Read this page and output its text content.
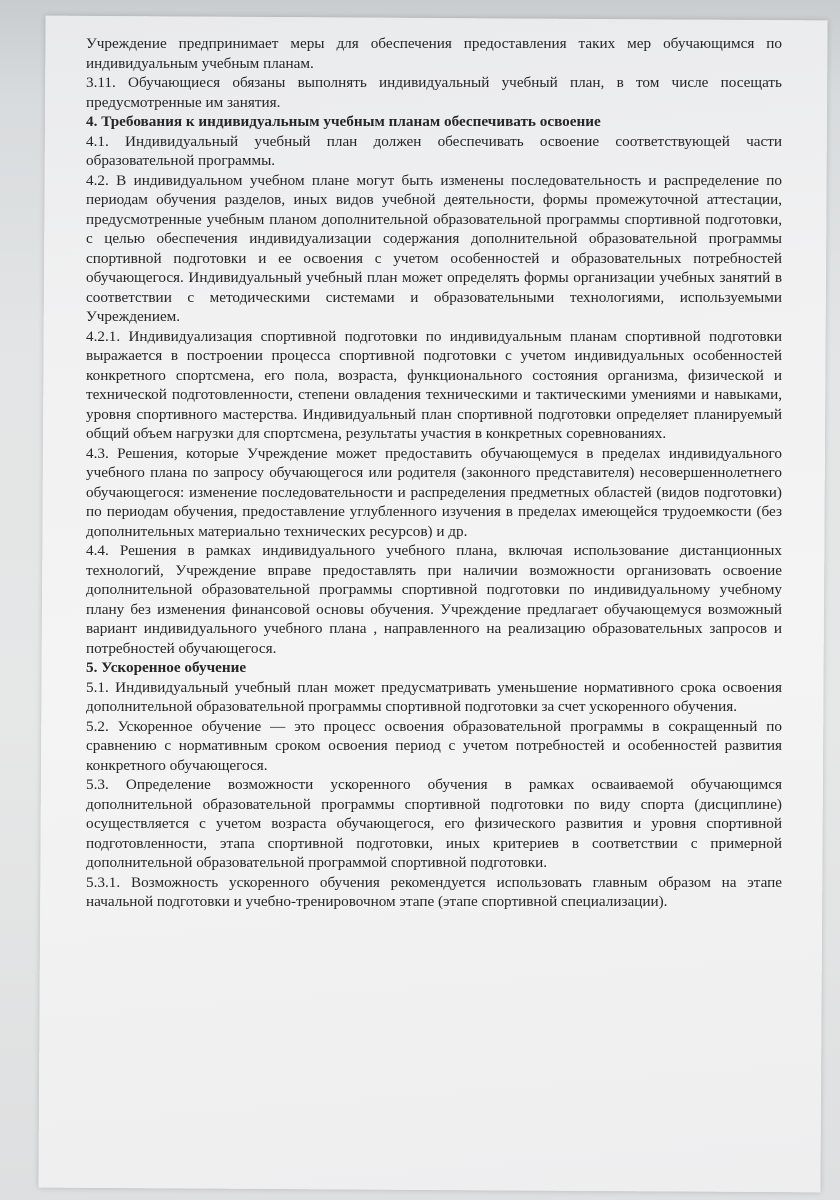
Учреждение предпринимает меры для обеспечения предоставления таких мер обучающимся по индивидуальным учебным планам.

3.11. Обучающиеся обязаны выполнять индивидуальный учебный план, в том числе посещать предусмотренные им занятия.

4. Требования к индивидуальным учебным планам обеспечивать освоение

4.1. Индивидуальный учебный план должен обеспечивать освоение соответствующей части образовательной программы.

4.2. В индивидуальном учебном плане могут быть изменены последовательность и распределение по периодам обучения разделов, иных видов учебной деятельности, формы промежуточной аттестации, предусмотренные учебным планом дополнительной образовательной программы спортивной подготовки, с целью обеспечения индивидуализации содержания дополнительной образовательной программы спортивной подготовки и ее освоения с учетом особенностей и образовательных потребностей обучающегося. Индивидуальный учебный план может определять формы организации учебных занятий в соответствии с методическими системами и образовательными технологиями, используемыми Учреждением.

4.2.1. Индивидуализация спортивной подготовки по индивидуальным планам спортивной подготовки выражается в построении процесса спортивной подготовки с учетом индивидуальных особенностей конкретного спортсмена, его пола, возраста, функционального состояния организма, физической и технической подготовленности, степени овладения техническими и тактическими умениями и навыками, уровня спортивного мастерства. Индивидуальный план спортивной подготовки определяет планируемый общий объем нагрузки для спортсмена, результаты участия в конкретных соревнованиях.

4.3. Решения, которые Учреждение может предоставить обучающемуся в пределах индивидуального учебного плана по запросу обучающегося или родителя (законного представителя) несовершеннолетнего обучающегося: изменение последовательности и распределения предметных областей (видов подготовки) по периодам обучения, предоставление углубленного изучения в пределах имеющейся трудоемкости (без дополнительных материально технических ресурсов) и др.

4.4. Решения в рамках индивидуального учебного плана, включая использование дистанционных технологий, Учреждение вправе предоставлять при наличии возможности организовать освоение дополнительной образовательной программы спортивной подготовки по индивидуальному учебному плану без изменения финансовой основы обучения. Учреждение предлагает обучающемуся возможный вариант индивидуального учебного плана , направленного на реализацию образовательных запросов и потребностей обучающегося.

5. Ускоренное обучение

5.1. Индивидуальный учебный план может предусматривать уменьшение нормативного срока освоения дополнительной образовательной программы спортивной подготовки за счет ускоренного обучения.

5.2. Ускоренное обучение — это процесс освоения образовательной программы в сокращенный по сравнению с нормативным сроком освоения период с учетом потребностей и особенностей развития конкретного обучающегося.

5.3. Определение возможности ускоренного обучения в рамках осваиваемой обучающимся дополнительной образовательной программы спортивной подготовки по виду спорта (дисциплине) осуществляется с учетом возраста обучающегося, его физического развития и уровня спортивной подготовленности, этапа спортивной подготовки, иных критериев в соответствии с примерной дополнительной образовательной программой спортивной подготовки.

5.3.1. Возможность ускоренного обучения рекомендуется использовать главным образом на этапе начальной подготовки и учебно-тренировочном этапе (этапе спортивной специализации).
